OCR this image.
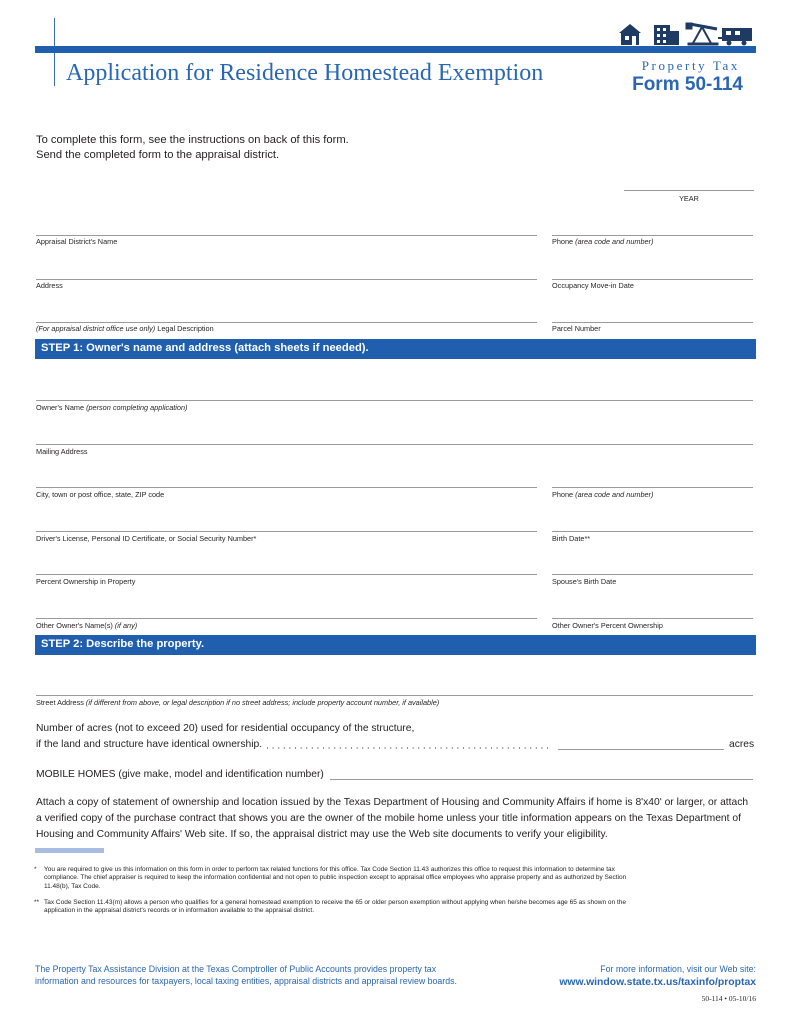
Application for Residence Homestead Exemption	Property Tax
Form 50-114
To complete this form, see the instructions on back of this form.
Send the completed form to the appraisal district.
YEAR
Appraisal District's Name	Phone (area code and number)
Address	Occupancy Move-in Date
(For appraisal district office use only) Legal Description	Parcel Number
STEP 1: Owner's name and address (attach sheets if needed).
Owner's Name (person completing application)
Mailing Address
City, town or post office, state, ZIP code	Phone (area code and number)
Driver's License, Personal ID Certificate, or Social Security Number*	Birth Date**
Percent Ownership in Property	Spouse's Birth Date
Other Owner's Name(s) (if any)	Other Owner's Percent Ownership
STEP 2: Describe the property.
Street Address (if different from above, or legal description if no street address; include property account number, if available)
Number of acres (not to exceed 20) used for residential occupancy of the structure,
if the land and structure have identical ownership.	acres
MOBILE HOMES (give make, model and identification number)
Attach a copy of statement of ownership and location issued by the Texas Department of Housing and Community Affairs if home is 8'x40' or larger, or attach
a verified copy of the purchase contract that shows you are the owner of the mobile home unless your title information appears on the Texas Department of
Housing and Community Affairs' Web site. If so, the appraisal district may use the Web site documents to verify your eligibility.
* You are required to give us this information on this form in order to perform tax related functions for this office. Tax Code Section 11.43 authorizes this office to request this information to determine tax
compliance. The chief appraiser is required to keep the information confidential and not open to public inspection except to appraisal office employees who appraise property and as authorized by Section
11.48(b), Tax Code.
** Tax Code Section 11.43(m) allows a person who qualifies for a general homestead exemption to receive the 65 or older person exemption without applying when he/she becomes age 65 as shown on the
application in the appraisal district's records or in information available to the appraisal district.
The Property Tax Assistance Division at the Texas Comptroller of Public Accounts provides property tax
information and resources for taxpayers, local taxing entities, appraisal districts and appraisal review boards.
For more information, visit our Web site:
www.window.state.tx.us/taxinfo/proptax
50-114 • 05-10/16
